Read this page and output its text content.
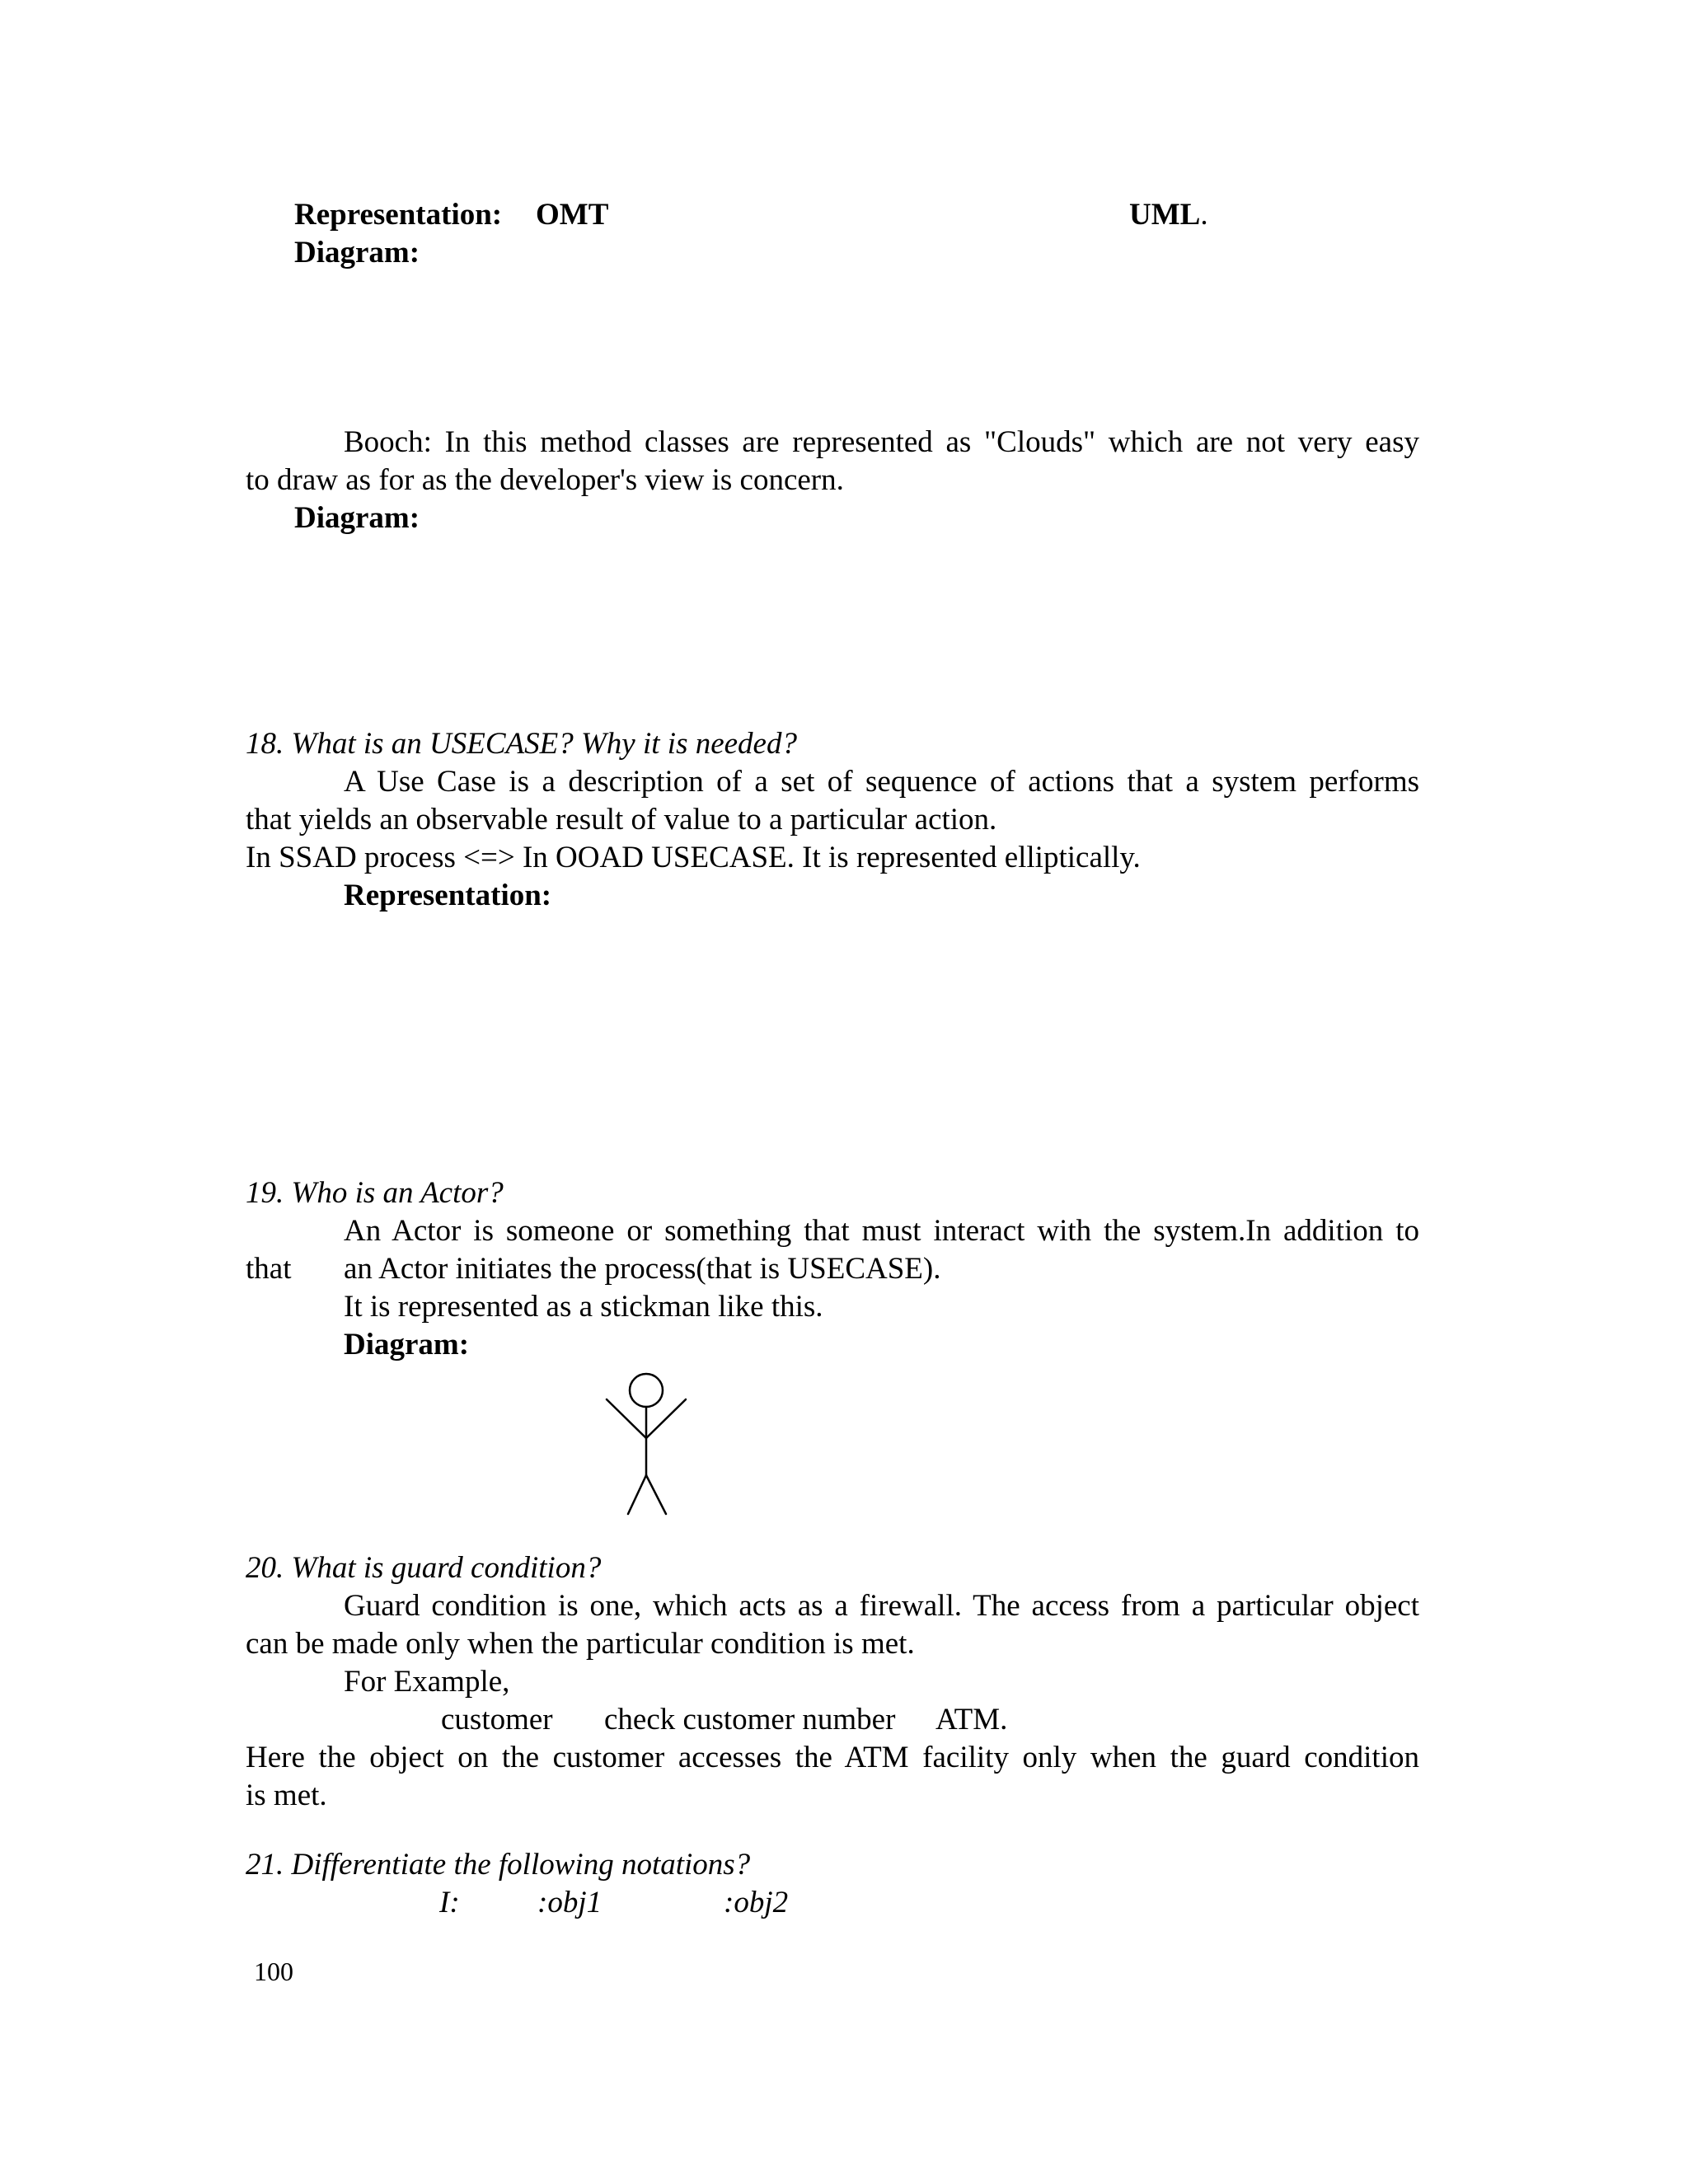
Representation: OMT	UML.
Diagram:
Booch: In this method classes are represented as "Clouds" which are not very easy
to draw as for as the developer's view is concern.
Diagram:
18. What is an USECASE? Why it is needed?
A Use Case is a description of a set of sequence of actions that a system performs
that yields an observable result of value to a particular action.
In SSAD process <=> In OOAD USECASE. It is represented elliptically.
Representation:
19. Who is an Actor?
An Actor is someone or something that must interact with the system.In addition to
that an Actor initiates the process(that is USECASE).
It is represented as a stickman like this.
Diagram:
20. What is guard condition?
Guard condition is one, which acts as a firewall. The access from a particular object
can be made only when the particular condition is met.
For Example,
customer check customer number ATM.
Here the object on the customer accesses the ATM facility only when the guard condition
is met.
21. Differentiate the following notations?
I:	:obj1	:obj2
100
